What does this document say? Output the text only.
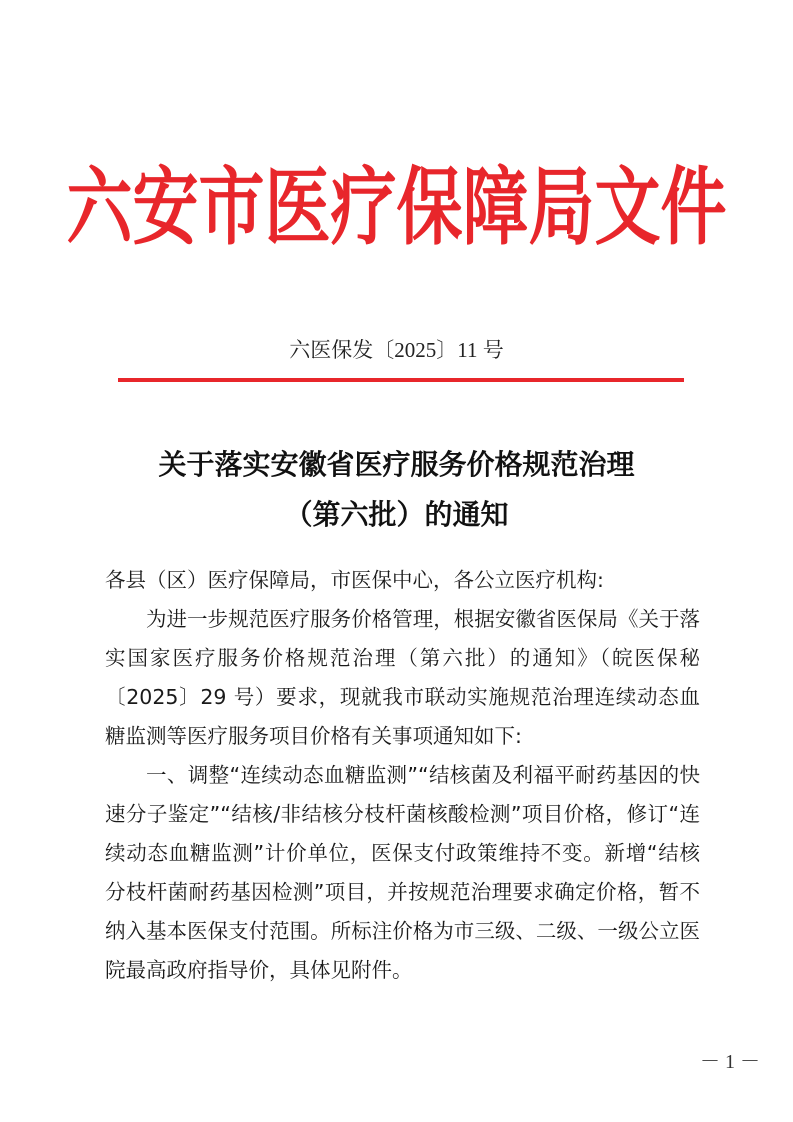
六安市医疗保障局文件
六医保发〔2025〕11 号
关于落实安徽省医疗服务价格规范治理
（第六批）的通知

各县（区）医疗保障局，市医保中心，各公立医疗机构:

为进一步规范医疗服务价格管理，根据安徽省医保局《关于落实国家医疗服务价格规范治理（第六批）的通知》（皖医保秘〔2025〕29 号）要求，现就我市联动实施规范治理连续动态血糖监测等医疗服务项目价格有关事项通知如下:

一、调整“连续动态血糖监测”“结核菌及利福平耐药基因的快速分子鉴定”“结核/非结核分枝杆菌核酸检测”项目价格，修订“连续动态血糖监测”计价单位，医保支付政策维持不变。新增“结核分枝杆菌耐药基因检测”项目，并按规范治理要求确定价格，暂不纳入基本医保支付范围。所标注价格为市三级、二级、一级公立医院最高政府指导价，具体见附件。

－ 1 －
